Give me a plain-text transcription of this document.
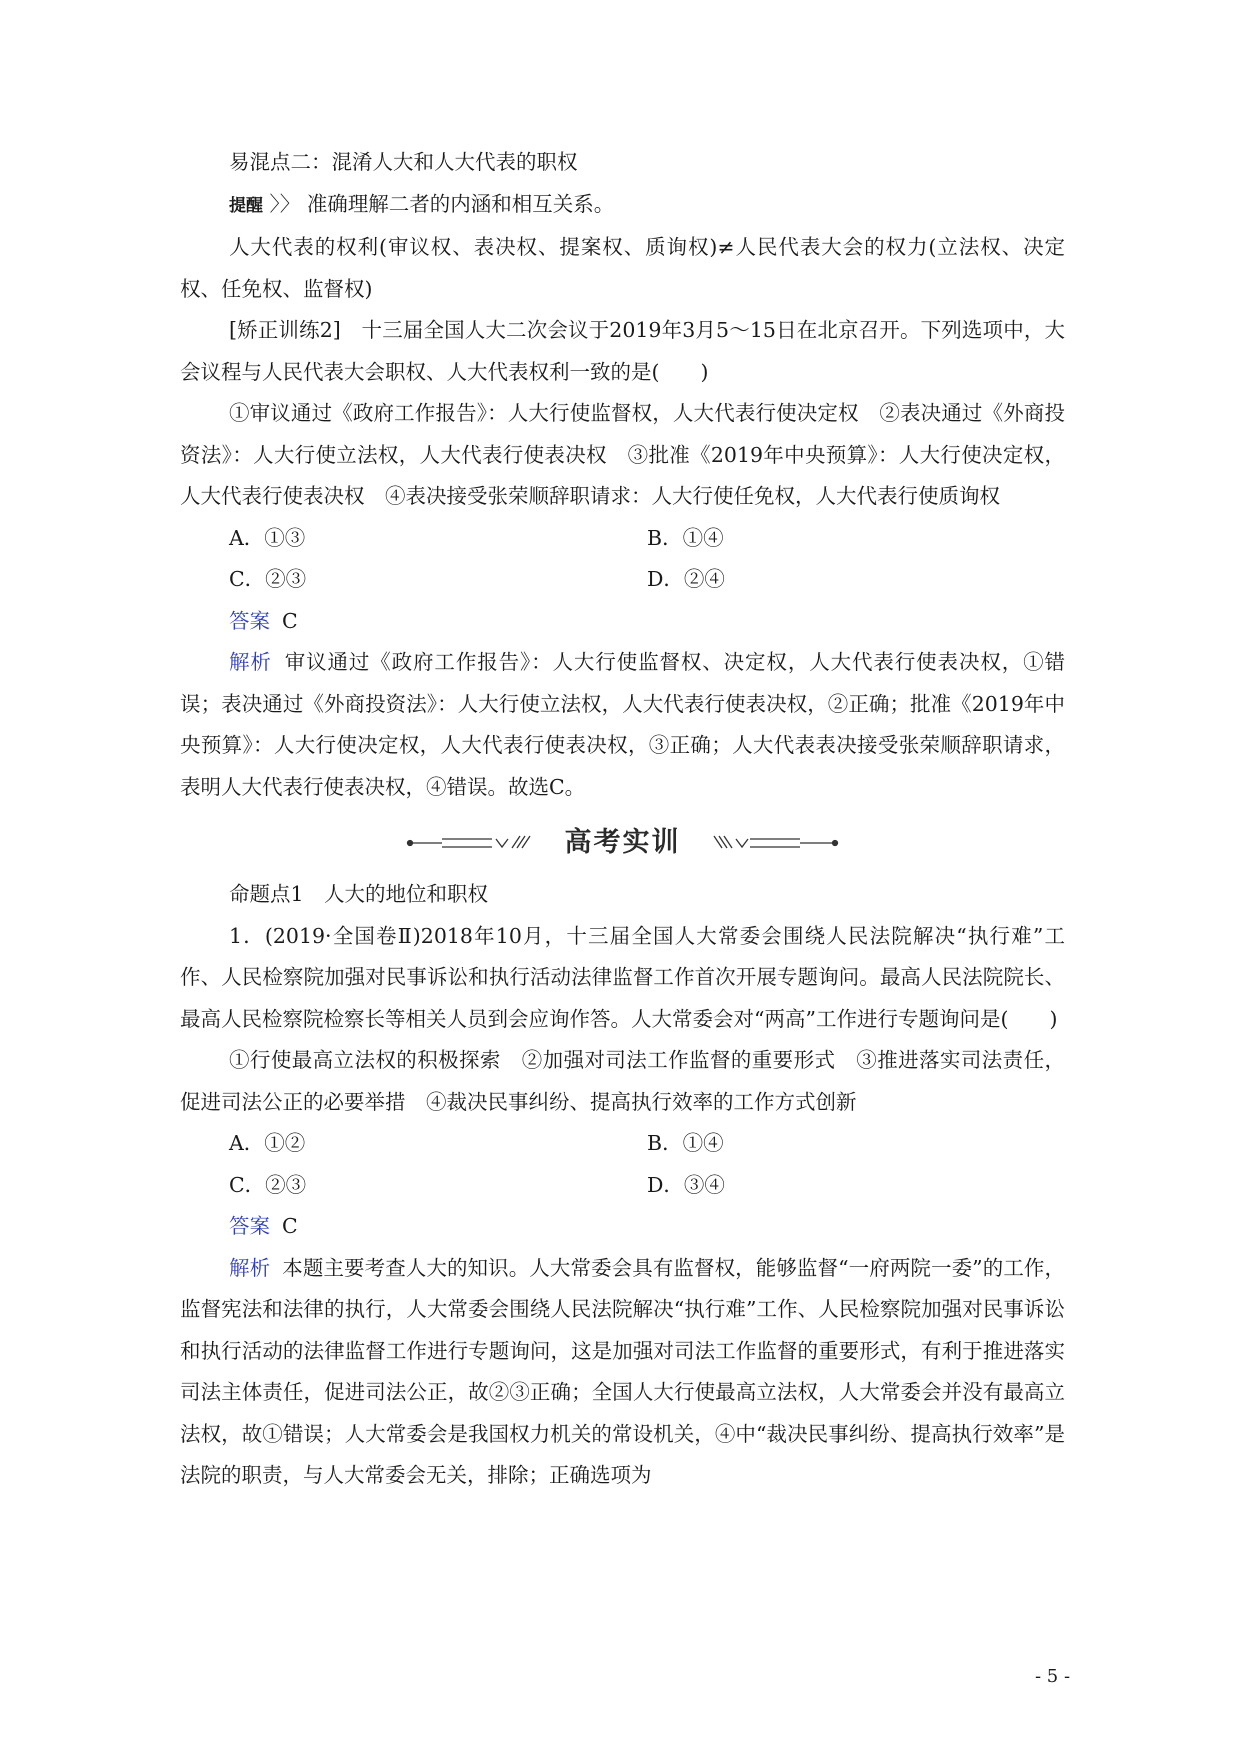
易混点二：混淆人大和人大代表的职权

提醒 〉〉 准确理解二者的内涵和相互关系。

人大代表的权利(审议权、表决权、提案权、质询权)≠人民代表大会的权力(立法权、决定权、任免权、监督权)

[矫正训练2]　十三届全国人大二次会议于2019年3月5～15日在北京召开。下列选项中，大会议程与人民代表大会职权、人大代表权利一致的是(　　)

①审议通过《政府工作报告》：人大行使监督权，人大代表行使决定权　②表决通过《外商投资法》：人大行使立法权，人大代表行使表决权　③批准《2019年中央预算》：人大行使决定权，人大代表行使表决权　④表决接受张荣顺辞职请求：人大行使任免权，人大代表行使质询权

A．①③	B．①④
C．②③	D．②④

答案 C

解析 审议通过《政府工作报告》：人大行使监督权、决定权，人大代表行使表决权，①错误；表决通过《外商投资法》：人大行使立法权，人大代表行使表决权，②正确；批准《2019年中央预算》：人大行使决定权，人大代表行使表决权，③正确；人大代表表决接受张荣顺辞职请求，表明人大代表行使表决权，④错误。故选C。

高考实训

命题点1　人大的地位和职权

1．(2019·全国卷Ⅱ)2018年10月，十三届全国人大常委会围绕人民法院解决“执行难”工作、人民检察院加强对民事诉讼和执行活动法律监督工作首次开展专题询问。最高人民法院院长、最高人民检察院检察长等相关人员到会应询作答。人大常委会对“两高”工作进行专题询问是(　　)

①行使最高立法权的积极探索　②加强对司法工作监督的重要形式　③推进落实司法责任，促进司法公正的必要举措　④裁决民事纠纷、提高执行效率的工作方式创新

A．①②	B．①④
C．②③	D．③④

答案 C

解析 本题主要考查人大的知识。人大常委会具有监督权，能够监督“一府两院一委”的工作，监督宪法和法律的执行，人大常委会围绕人民法院解决“执行难”工作、人民检察院加强对民事诉讼和执行活动的法律监督工作进行专题询问，这是加强对司法工作监督的重要形式，有利于推进落实司法主体责任，促进司法公正，故②③正确；全国人大行使最高立法权，人大常委会并没有最高立法权，故①错误；人大常委会是我国权力机关的常设机关，④中“裁决民事纠纷、提高执行效率”是法院的职责，与人大常委会无关，排除；正确选项为

- 5 -
